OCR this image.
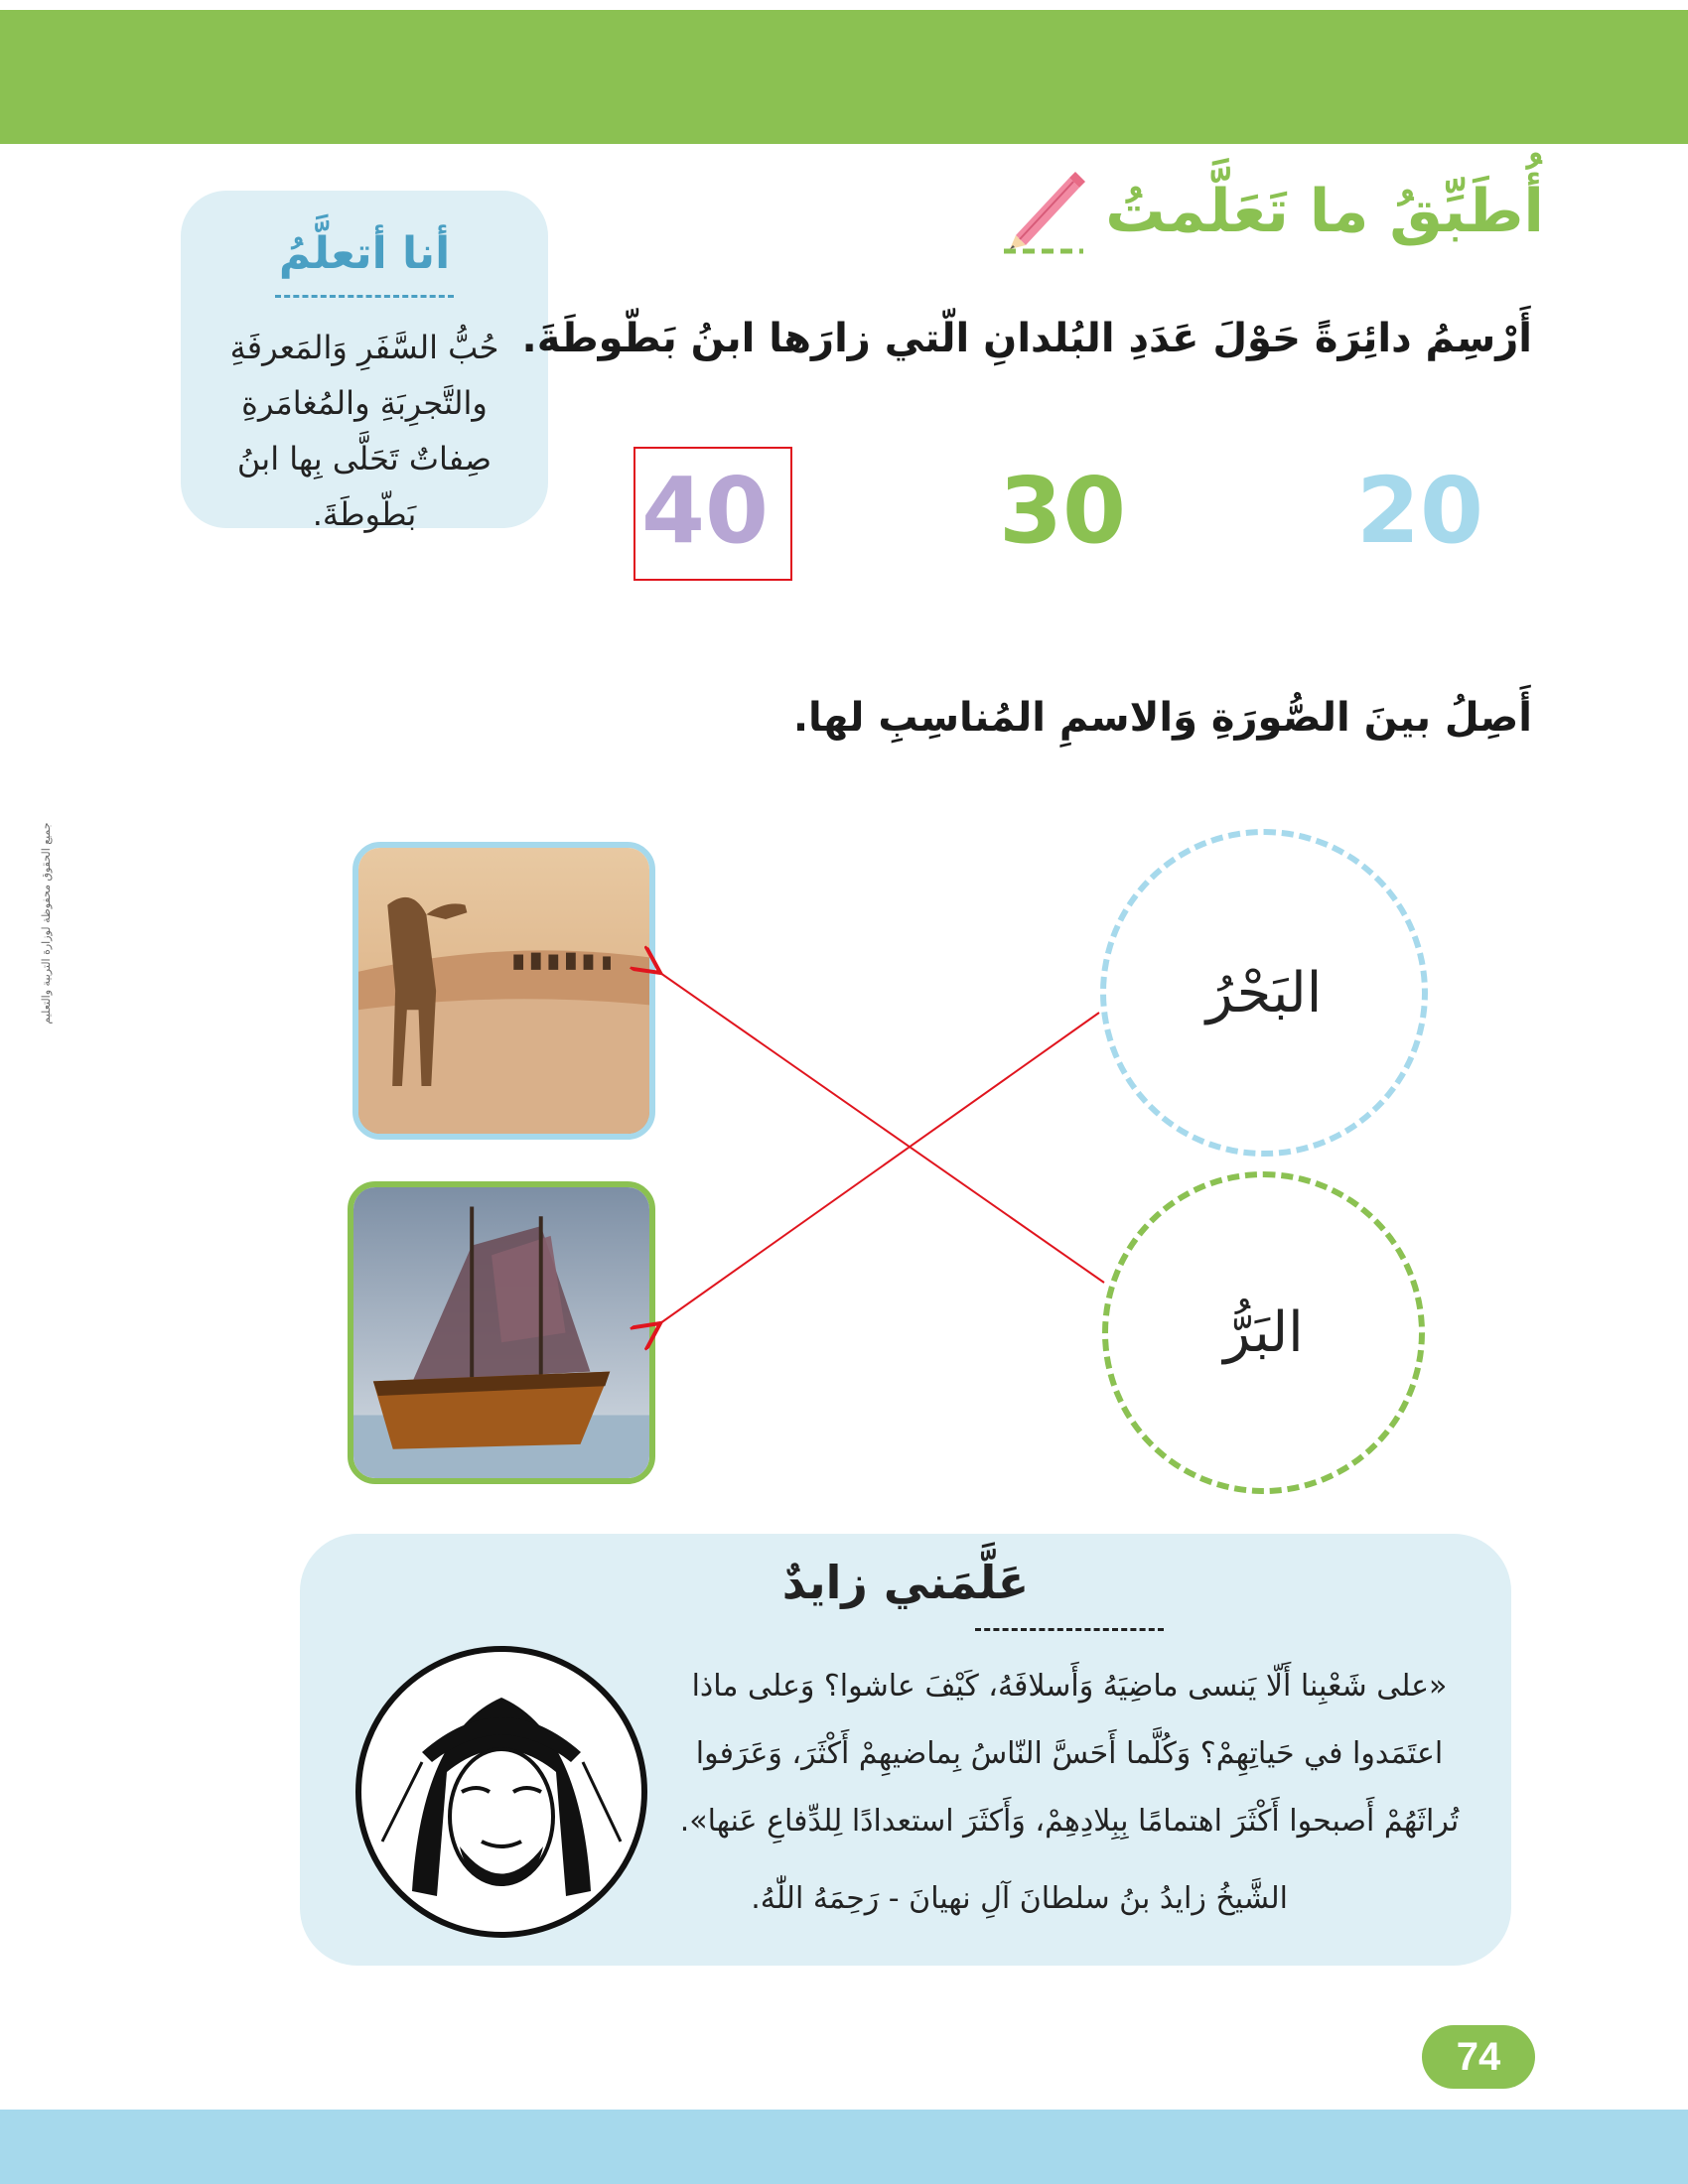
أُطَبِّقُ ما تَعَلَّمتُ
أنا أتعلَّمُ
حُبُّ السَّفَرِ وَالمَعرفَةِ والتَّجرِبَةِ والمُغامَرةِ صِفاتٌ تَحَلَّى بِها ابنُ بَطّوطَةَ.
أَرْسِمُ دائِرَةً حَوْلَ عَدَدِ البُلدانِ الّتي زارَها ابنُ بَطّوطَةَ.
20
30
40
أَصِلُ بينَ الصُّورَةِ وَالاسمِ المُناسِبِ لها.
البَحْرُ
البَرُّ
عَلَّمَني زايدٌ
«على شَعْبِنا أَلّا يَنسى ماضِيَهُ وَأَسلافَهُ، كَيْفَ عاشوا؟ وَعلى ماذا اعتَمَدوا في حَياتِهِمْ؟ وَكُلَّما أَحَسَّ النّاسُ بِماضيهِمْ أَكْثَرَ، وَعَرَفوا تُراثَهُمْ أَصبحوا أَكْثَرَ اهتمامًا بِبِلادِهِمْ، وَأَكثَرَ استعدادًا لِلدِّفاعِ عَنها».
الشَّيخُ زايدُ بنُ سلطانَ آلِ نهيانَ - رَحِمَهُ اللّٰهُ.
جميع الحقوق محفوظة لوزارة التربية والتعليم
74
